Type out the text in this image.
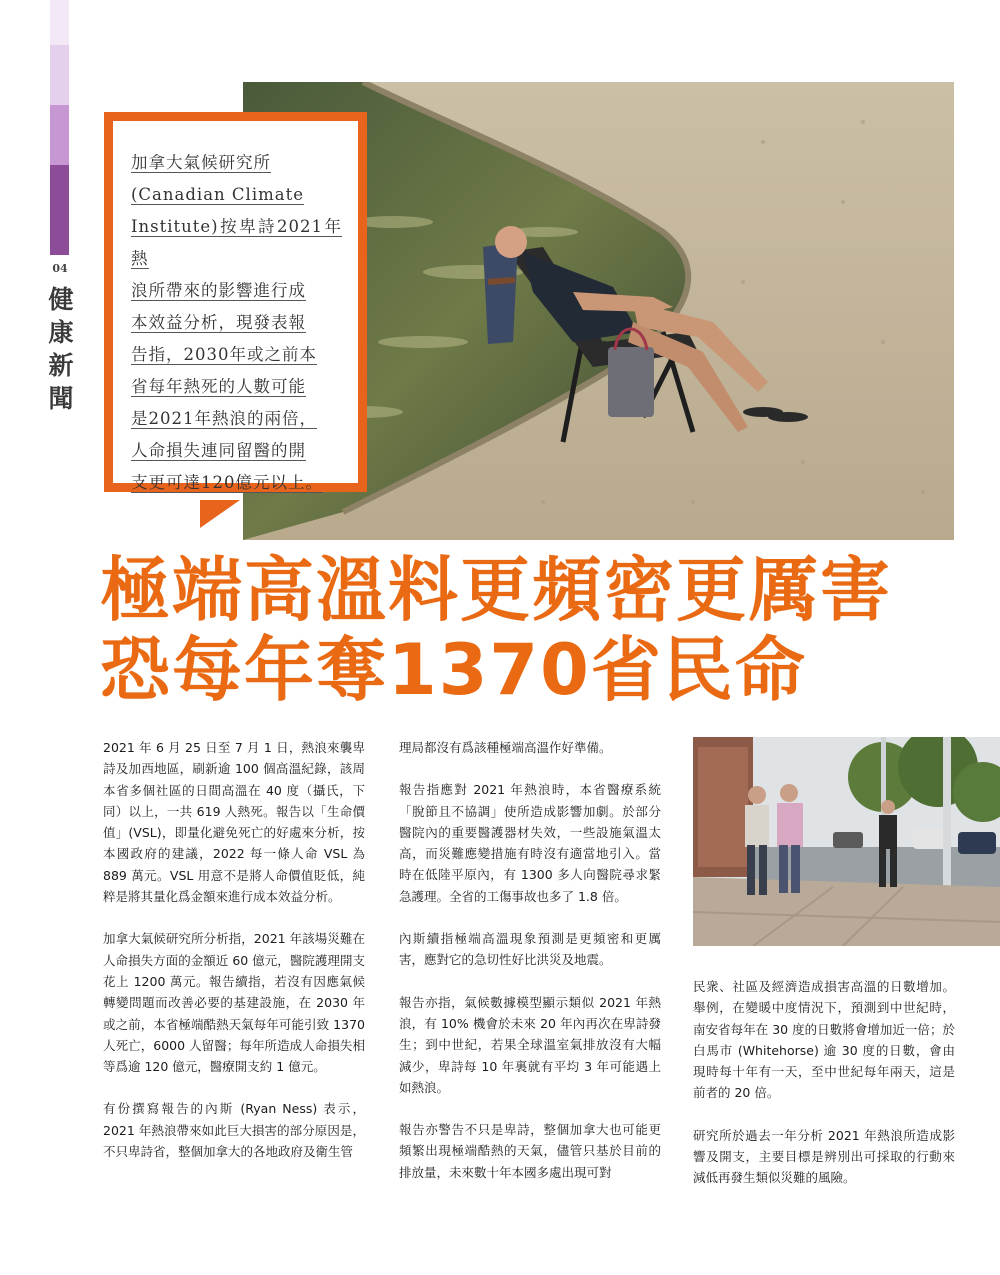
04
健康新聞
加拿大氣候研究所
(Canadian Climate
Institute)按卑詩2021年熱
浪所帶來的影響進行成
本效益分析，現發表報
告指，2030年或之前本
省每年熱死的人數可能
是2021年熱浪的兩倍，
人命損失連同留醫的開
支更可達120億元以上。
極端高溫料更頻密更厲害
恐每年奪1370省民命

2021 年 6 月 25 日至 7 月 1 日，熱浪來襲卑詩及加西地區，刷新逾 100 個高溫紀錄，該周本省多個社區的日間高溫在 40 度（攝氏，下同）以上，一共 619 人熱死。報告以「生命價值」(VSL)，即量化避免死亡的好處來分析，按本國政府的建議，2022 每一條人命 VSL 為 889 萬元。VSL 用意不是將人命價值貶低，純粹是將其量化爲金額來進行成本效益分析。

加拿大氣候研究所分析指，2021 年該場災難在人命損失方面的金額近 60 億元，醫院護理開支花上 1200 萬元。報告續指，若沒有因應氣候轉變問題而改善必要的基建設施，在 2030 年或之前，本省極端酷熱天氣每年可能引致 1370 人死亡，6000 人留醫；每年所造成人命損失相等爲逾 120 億元，醫療開支約 1 億元。

有份撰寫報告的內斯 (Ryan Ness) 表示，2021 年熱浪帶來如此巨大損害的部分原因是，不只卑詩省，整個加拿大的各地政府及衛生管

理局都沒有爲該種極端高溫作好準備。

報告指應對 2021 年熱浪時，本省醫療系統「脫節且不協調」使所造成影響加劇。於部分醫院內的重要醫護器材失效，一些設施氣溫太高，而災難應變措施有時沒有適當地引入。當時在低陸平原內，有 1300 多人向醫院尋求緊急護理。全省的工傷事故也多了 1.8 倍。

內斯續指極端高溫現象預測是更頻密和更厲害，應對它的急切性好比洪災及地震。

報告亦指，氣候數據模型顯示類似 2021 年熱浪，有 10% 機會於未來 20 年內再次在卑詩發生；到中世紀，若果全球溫室氣排放沒有大幅減少，卑詩每 10 年裏就有平均 3 年可能遇上如熱浪。

報告亦警告不只是卑詩，整個加拿大也可能更頻繁出現極端酷熱的天氣，儘管只基於目前的排放量，未來數十年本國多處出現可對

民衆、社區及經濟造成損害高溫的日數增加。舉例，在變暖中度情況下，預測到中世紀時，南安省每年在 30 度的日數將會增加近一倍；於白馬市 (Whitehorse) 逾 30 度的日數，會由現時每十年有一天，至中世紀每年兩天，這是前者的 20 倍。

研究所於過去一年分析 2021 年熱浪所造成影響及開支，主要目標是辨別出可採取的行動來減低再發生類似災難的風險。
